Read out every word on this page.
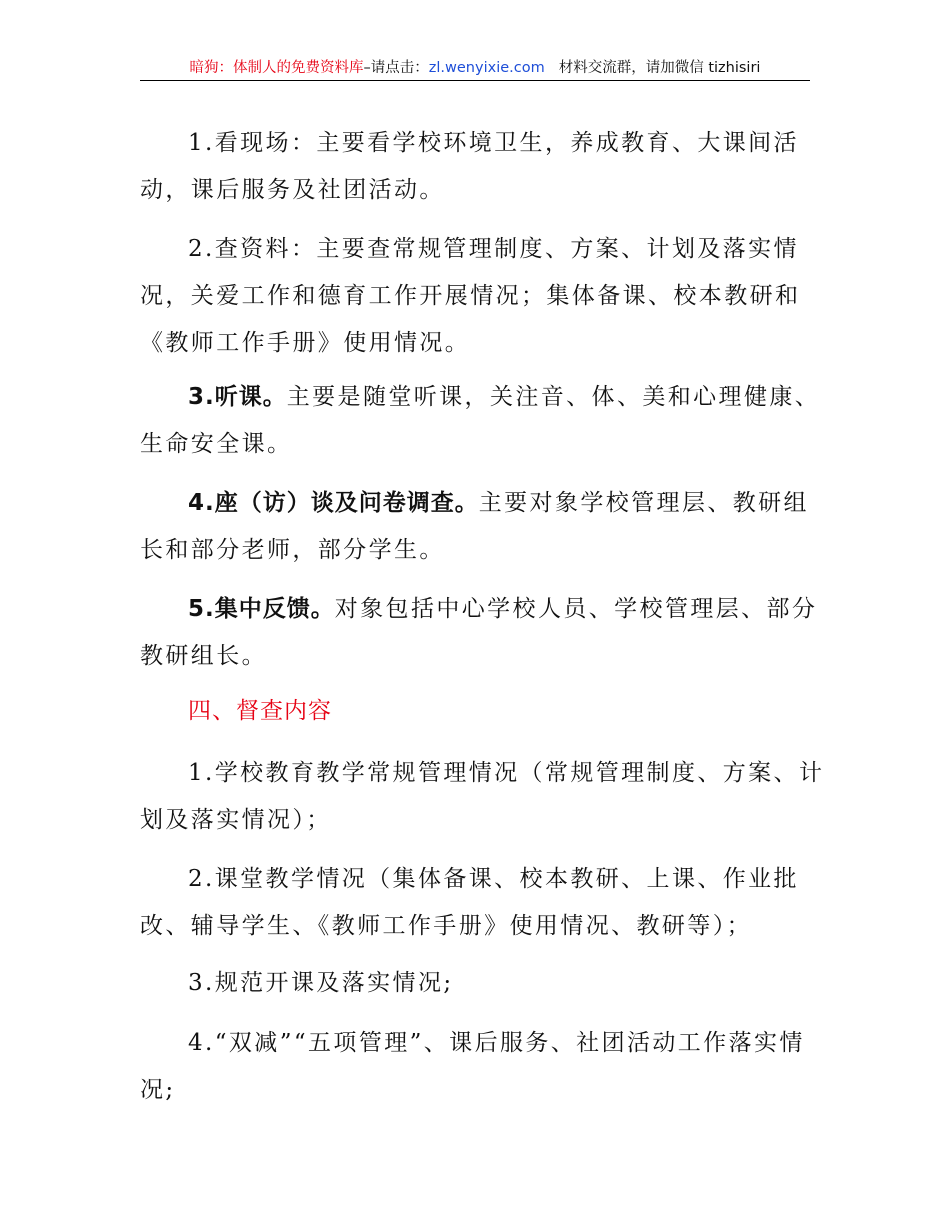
暗狗：体制人的免费资料库–请点击：zl.wenyixie.com 材料交流群，请加微信 tizhisiri

1.看现场：主要看学校环境卫生，养成教育、大课间活动，课后服务及社团活动。

2.查资料：主要查常规管理制度、方案、计划及落实情况，关爱工作和德育工作开展情况；集体备课、校本教研和《教师工作手册》使用情况。

3.听课。主要是随堂听课，关注音、体、美和心理健康、生命安全课。

4.座（访）谈及问卷调查。主要对象学校管理层、教研组长和部分老师，部分学生。

5.集中反馈。对象包括中心学校人员、学校管理层、部分教研组长。

四、督查内容

1.学校教育教学常规管理情况（常规管理制度、方案、计划及落实情况）；

2.课堂教学情况（集体备课、校本教研、上课、作业批改、辅导学生、《教师工作手册》使用情况、教研等）；

3.规范开课及落实情况;

4.“双减”“五项管理”、课后服务、社团活动工作落实情况;
